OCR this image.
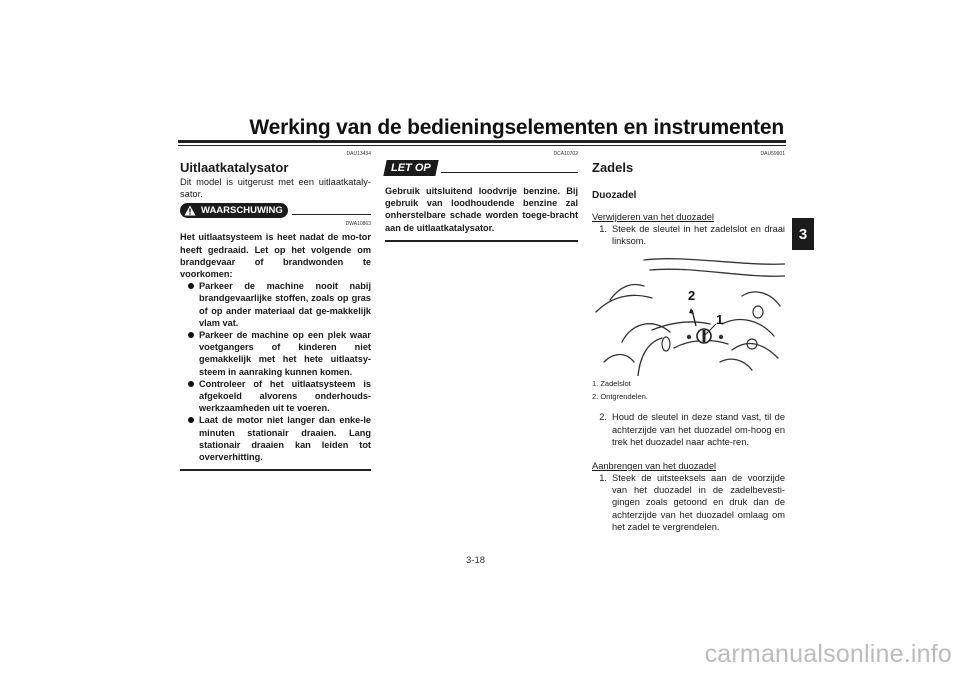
Werking van de bedieningselementen en instrumenten
3
DAU13434
Uitlaatkatalysator

Dit model is uitgerust met een uitlaatkataly-sator.

WAARSCHUWING
DWA10863

Het uitlaatsysteem is heet nadat de mo-tor heeft gedraaid. Let op het volgende om brandgevaar of brandwonden te voorkomen:

Parkeer de machine nooit nabij brandgevaarlijke stoffen, zoals op gras of op ander materiaal dat ge-makkelijk vlam vat.
Parkeer de machine op een plek waar voetgangers of kinderen niet gemakkelijk met het hete uitlaatsy-steem in aanraking kunnen komen.
Controleer of het uitlaatsysteem is afgekoeld alvorens onderhouds-werkzaamheden uit te voeren.
Laat de motor niet langer dan enke-le minuten stationair draaien. Lang stationair draaien kan leiden tot oververhitting.
DCA10702
LET OP

Gebruik uitsluitend loodvrije benzine. Bij gebruik van loodhoudende benzine zal onherstelbare schade worden toege-bracht aan de uitlaatkatalysator.

DAU59901
Zadels
Duozadel
Verwijderen van het duozadel
1. Steek de sleutel in het zadelslot en draai linksom.
2
1
1. Zadelslot
2. Ontgrendelen.
2. Houd de sleutel in deze stand vast, til de achterzijde van het duozadel om-hoog en trek het duozadel naar achte-ren.
Aanbrengen van het duozadel
1. Steek de uitsteeksels aan de voorzijde van het duozadel in de zadelbevesti-gingen zoals getoond en druk dan de achterzijde van het duozadel omlaag om het zadel te vergrendelen.
3-18
carmanualsonline.info
